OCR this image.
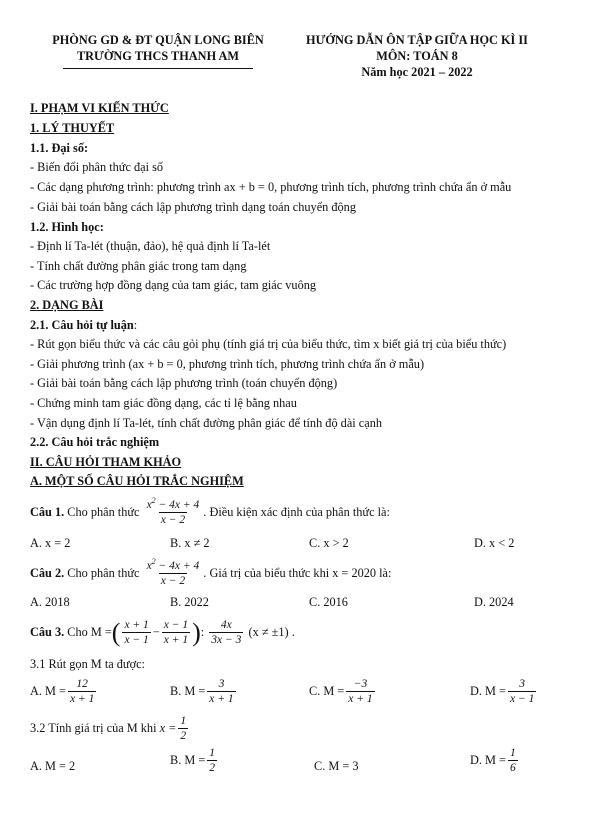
PHÒNG GD & ĐT QUẬN LONG BIÊN
TRƯỜNG THCS THANH AM
HƯỚNG DẪN ÔN TẬP GIỮA HỌC KÌ II
MÔN: TOÁN 8
Năm học 2021 – 2022
I. PHẠM VI KIẾN THỨC
1. LÝ THUYẾT
1.1. Đại số:
- Biến đổi phân thức đại số
- Các dạng phương trình: phương trình ax + b = 0, phương trình tích, phương trình chứa ẩn ở mẫu
- Giải bài toán bằng cách lập phương trình dạng toán chuyển động
1.2. Hình học:
- Định lí Ta-lét (thuận, đảo), hệ quả định lí Ta-lét
- Tính chất đường phân giác trong tam dạng
- Các trường hợp đồng dạng của tam giác, tam giác vuông
2. DẠNG BÀI
2.1. Câu hỏi tự luận:
- Rút gọn biểu thức và các câu gỏi phụ (tính giá trị của biểu thức, tìm x biết giá trị của biểu thức)
- Giải phương trình (ax + b = 0, phương trình tích, phương trình chứa ẩn ở mẫu)
- Giải bài toán bằng cách lập phương trình (toán chuyển động)
- Chứng minh tam giác đồng dạng, các tỉ lệ bằng nhau
- Vận dụng định lí Ta-lét, tính chất đường phân giác để tính độ dài cạnh
2.2. Câu hỏi trắc nghiệm
II. CÂU HỎI THAM KHẢO
A. MỘT SỐ CÂU HỎI TRẮC NGHIỆM
Câu 1. Cho phân thức $\frac{x^2 - 4x + 4}{x - 2}$ . Điều kiện xác định của phân thức là:
A. x = 2	B. x ≠ 2	C. x > 2	D. x < 2
Câu 2. Cho phân thức $\frac{x^2 - 4x + 4}{x - 2}$ . Giá trị của biểu thức khi x = 2020 là:
A. 2018	B. 2022	C. 2016	D. 2024
Câu 3. Cho M =( $\frac{x + 1}{x - 1} - \frac{x - 1}{x + 1}$ ): $\frac{4x}{3x - 3} (x \ne \pm 1)$ .
3.1 Rút gọn M ta được:
A. $M = \frac{12}{x + 1}$	B. $M = \frac{3}{x + 1}$	C. $M = \frac{-3}{x + 1}$	D. $M = \frac{3}{x - 1}$
3.2 Tính giá trị của M khi $x = \frac{1}{2}$
A. M = 2	B. $M = \frac{1}{2}$	C. M = 3	D. $M = \frac{1}{6}$
